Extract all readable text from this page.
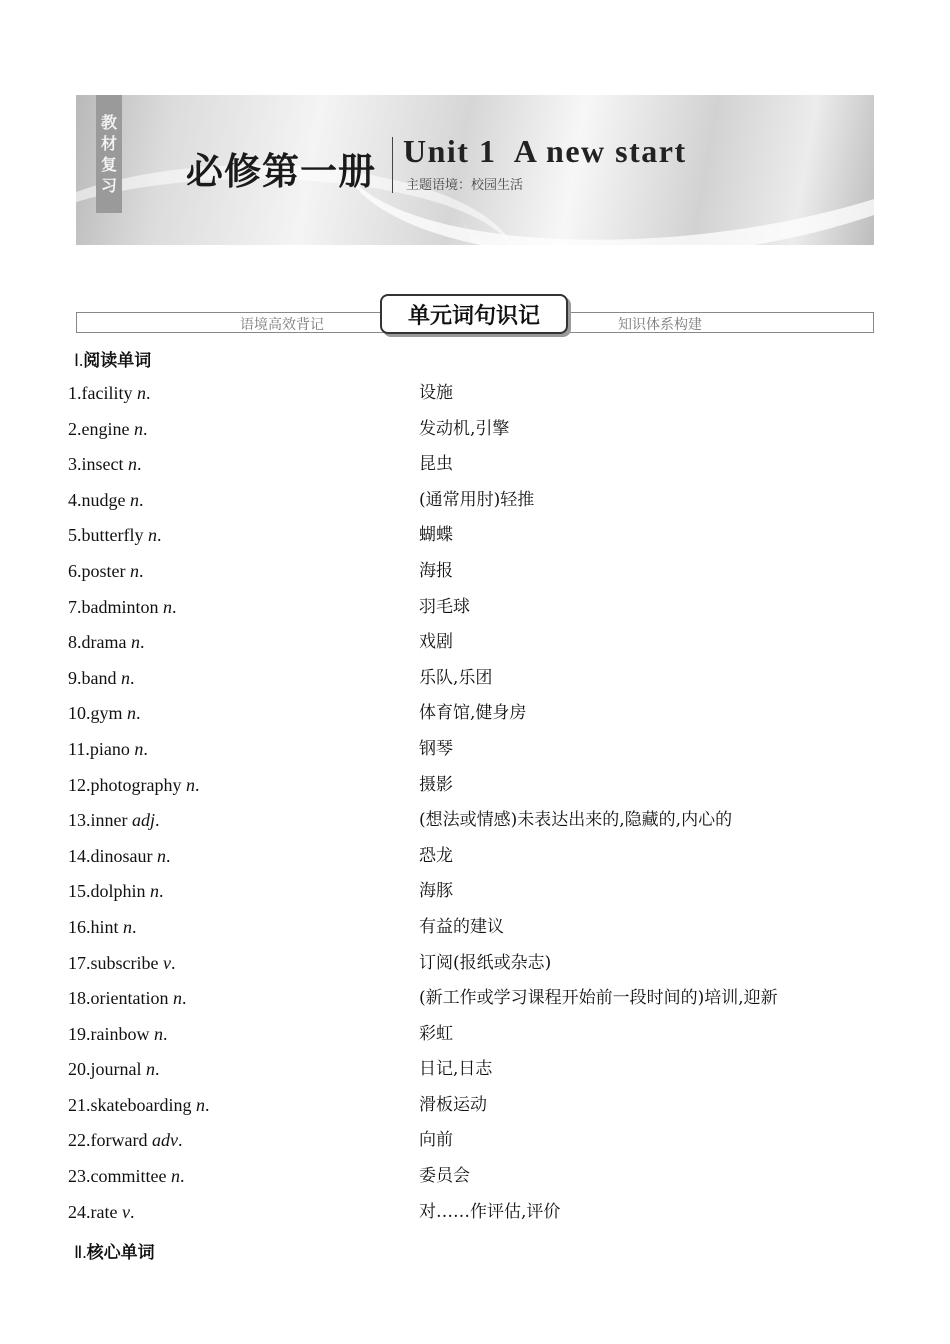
教
材
复
习 必修第一册 Unit 1  A new start
主题语境：校园生活
语境高效背记	知识体系构建
单元词句识记
Ⅰ.阅读单词
1.facility n.	设施
2.engine n.	发动机,引擎
3.insect n.	昆虫
4.nudge n.	(通常用肘)轻推
5.butterfly n.	蝴蝶
6.poster n.	海报
7.badminton n.	羽毛球
8.drama n.	戏剧
9.band n.	乐队,乐团
10.gym n.	体育馆,健身房
11.piano n.	钢琴
12.photography n.	摄影
13.inner adj.	(想法或情感)未表达出来的,隐藏的,内心的
14.dinosaur n.	恐龙
15.dolphin n.	海豚
16.hint n.	有益的建议
17.subscribe v.	订阅(报纸或杂志)
18.orientation n.	(新工作或学习课程开始前一段时间的)培训,迎新
19.rainbow n.	彩虹
20.journal n.	日记,日志
21.skateboarding n.	滑板运动
22.forward adv.	向前
23.committee n.	委员会
24.rate v.	对……作评估,评价
Ⅱ.核心单词
